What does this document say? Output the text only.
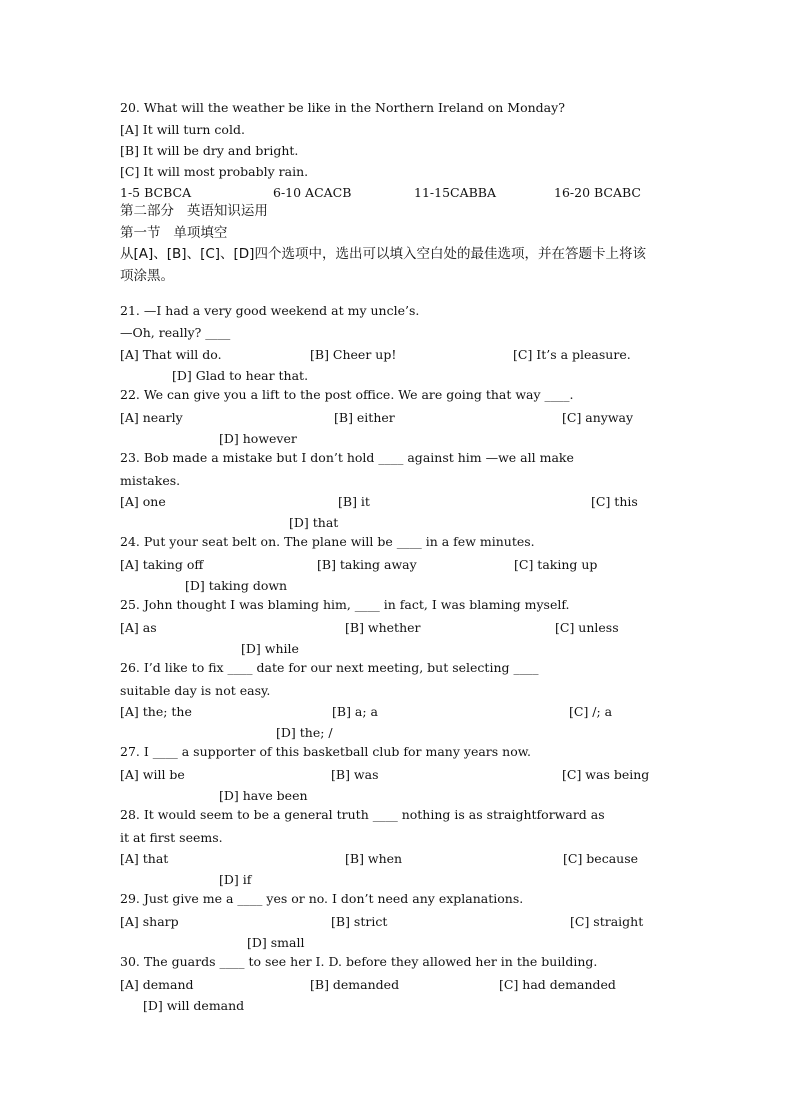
20. What will the weather be like in the Northern Ireland on Monday?
[A] It will turn cold.
[B] It will be dry and bright.
[C] It will most probably rain.
1-5 BCBCA	6-10 ACACB	11-15CABBA	16-20 BCABC
第二部分   英语知识运用
第一节   单项填空
从[A]、[B]、[C]、[D]四个选项中，选出可以填入空白处的最佳选项，并在答题卡上将该
项涂黑。
21. —I had a very good weekend at my uncle’s.
—Oh, really? ____
[A] That will do.	[B] Cheer up!	[C] It’s a pleasure.
[D] Glad to hear that.
22. We can give you a lift to the post office. We are going that way ____.
[A] nearly	[B] either	[C] anyway
[D] however
23. Bob made a mistake but I don’t hold ____ against him —we all make
mistakes.
[A] one	[B] it	[C] this
[D] that
24. Put your seat belt on. The plane will be ____ in a few minutes.
[A] taking off	[B] taking away	[C] taking up
[D] taking down
25. John thought I was blaming him, ____ in fact, I was blaming myself.
[A] as	[B] whether	[C] unless
[D] while
26. I’d like to fix ____ date for our next meeting, but selecting ____
suitable day is not easy.
[A] the; the	[B] a; a	[C] /; a
[D] the; /
27. I ____ a supporter of this basketball club for many years now.
[A] will be	[B] was	[C] was being
[D] have been
28. It would seem to be a general truth ____ nothing is as straightforward as
it at first seems.
[A] that	[B] when	[C] because
[D] if
29. Just give me a ____ yes or no. I don’t need any explanations.
[A] sharp	[B] strict	[C] straight
[D] small
30. The guards ____ to see her I. D. before they allowed her in the building.
[A] demand	[B] demanded	[C] had demanded
[D] will demand
